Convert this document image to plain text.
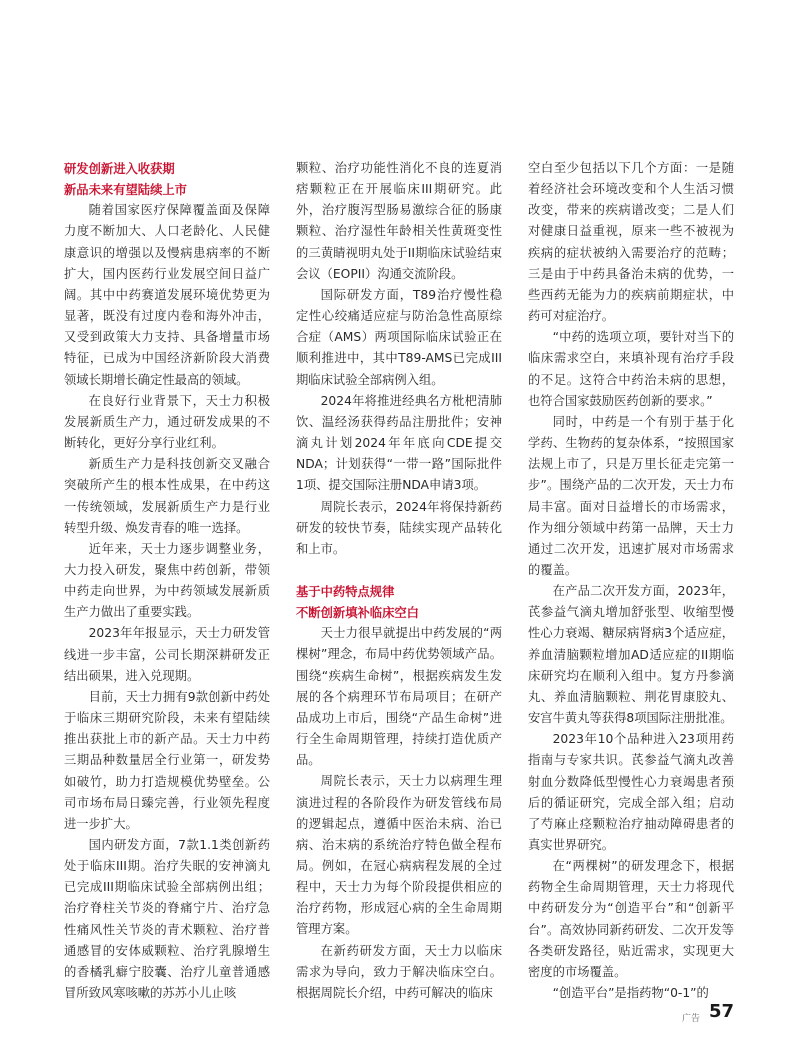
研发创新进入收获期
新品未来有望陆续上市

随着国家医疗保障覆盖面及保障力度不断加大、人口老龄化、人民健康意识的增强以及慢病患病率的不断扩大，国内医药行业发展空间日益广阔。其中中药赛道发展环境优势更为显著，既没有过度内卷和海外冲击，又受到政策大力支持、具备增量市场特征，已成为中国经济新阶段大消费领域长期增长确定性最高的领域。

在良好行业背景下，天士力积极发展新质生产力，通过研发成果的不断转化，更好分享行业红利。

新质生产力是科技创新交叉融合突破所产生的根本性成果，在中药这一传统领域，发展新质生产力是行业转型升级、焕发青春的唯一选择。

近年来，天士力逐步调整业务，大力投入研发，聚焦中药创新，带领中药走向世界，为中药领域发展新质生产力做出了重要实践。

2023年年报显示，天士力研发管线进一步丰富，公司长期深耕研发正结出硕果，进入兑现期。

目前，天士力拥有9款创新中药处于临床三期研究阶段，未来有望陆续推出获批上市的新产品。天士力中药三期品种数量居全行业第一，研发势如破竹，助力打造规模优势壁垒。公司市场布局日臻完善，行业领先程度进一步扩大。

国内研发方面，7款1.1类创新药处于临床III期。治疗失眠的安神滴丸已完成III期临床试验全部病例出组；治疗脊柱关节炎的脊痛宁片、治疗急性痛风性关节炎的青术颗粒、治疗普通感冒的安体威颗粒、治疗乳腺增生的香橘乳癖宁胶囊、治疗儿童普通感冒所致风寒咳嗽的苏苏小儿止咳

颗粒、治疗功能性消化不良的连夏消痞颗粒正在开展临床III期研究。此外，治疗腹泻型肠易激综合征的肠康颗粒、治疗湿性年龄相关性黄斑变性的三黄睛视明丸处于II期临床试验结束会议（EOPII）沟通交流阶段。

国际研发方面，T89治疗慢性稳定性心绞痛适应症与防治急性高原综合症（AMS）两项国际临床试验正在顺利推进中，其中T89-AMS已完成III期临床试验全部病例入组。

2024年将推进经典名方枇杷清肺饮、温经汤获得药品注册批件；安神滴丸计划2024年年底向CDE提交NDA；计划获得“一带一路”国际批件1项、提交国际注册NDA申请3项。

周院长表示，2024年将保持新药研发的较快节奏，陆续实现产品转化和上市。

基于中药特点规律
不断创新填补临床空白

天士力很早就提出中药发展的“两棵树”理念，布局中药优势领域产品。围绕“疾病生命树”，根据疾病发生发展的各个病理环节布局项目；在研产品成功上市后，围绕“产品生命树”进行全生命周期管理，持续打造优质产品。

周院长表示，天士力以病理生理演进过程的各阶段作为研发管线布局的逻辑起点，遵循中医治未病、治已病、治末病的系统治疗特色做全程布局。例如，在冠心病病程发展的全过程中，天士力为每个阶段提供相应的治疗药物，形成冠心病的全生命周期管理方案。

在新药研发方面，天士力以临床需求为导向，致力于解决临床空白。根据周院长介绍，中药可解决的临床

空白至少包括以下几个方面：一是随着经济社会环境改变和个人生活习惯改变，带来的疾病谱改变；二是人们对健康日益重视，原来一些不被视为疾病的症状被纳入需要治疗的范畴；三是由于中药具备治未病的优势，一些西药无能为力的疾病前期症状，中药可对症治疗。

“中药的选项立项，要针对当下的临床需求空白，来填补现有治疗手段的不足。这符合中药治未病的思想，也符合国家鼓励医药创新的要求。”

同时，中药是一个有别于基于化学药、生物药的复杂体系，“按照国家法规上市了，只是万里长征走完第一步”。围绕产品的二次开发，天士力布局丰富。面对日益增长的市场需求，作为细分领域中药第一品牌，天士力通过二次开发，迅速扩展对市场需求的覆盖。

在产品二次开发方面，2023年，芪参益气滴丸增加舒张型、收缩型慢性心力衰竭、糖尿病肾病3个适应症，养血清脑颗粒增加AD适应症的II期临床研究均在顺利入组中。复方丹参滴丸、养血清脑颗粒、荆花胃康胶丸、安宫牛黄丸等获得8项国际注册批准。

2023年10个品种进入23项用药指南与专家共识。芪参益气滴丸改善射血分数降低型慢性心力衰竭患者预后的循证研究，完成全部入组；启动了芍麻止痉颗粒治疗抽动障碍患者的真实世界研究。

在“两棵树”的研发理念下，根据药物全生命周期管理，天士力将现代中药研发分为“创造平台”和“创新平台”。高效协同新药研发、二次开发等各类研发路径，贴近需求，实现更大密度的市场覆盖。

“创造平台”是指药物“0-1”的

广告 57
